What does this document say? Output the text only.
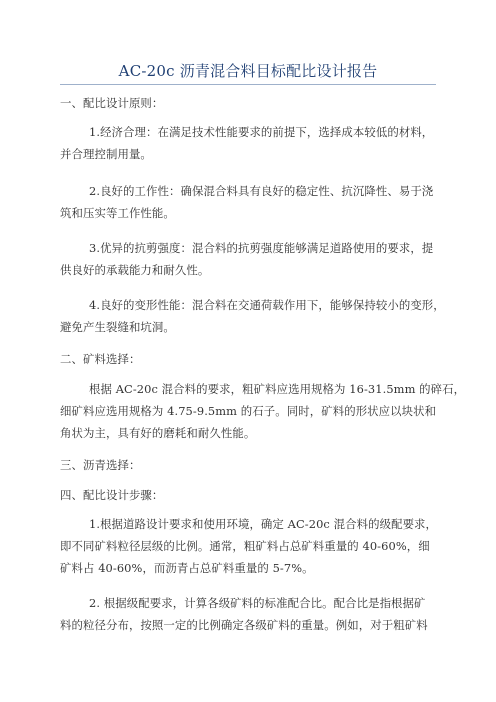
AC-20c 沥青混合料目标配比设计报告
一、配比设计原则：
1.经济合理：在满足技术性能要求的前提下，选择成本较低的材料，
并合理控制用量。
2.良好的工作性：确保混合料具有良好的稳定性、抗沉降性、易于浇
筑和压实等工作性能。
3.优异的抗剪强度：混合料的抗剪强度能够满足道路使用的要求，提
供良好的承载能力和耐久性。
4.良好的变形性能：混合料在交通荷载作用下，能够保持较小的变形，
避免产生裂缝和坑洞。
二、矿料选择：
根据 AC-20c 混合料的要求，粗矿料应选用规格为 16-31.5mm 的碎石，
细矿料应选用规格为 4.75-9.5mm 的石子。同时，矿料的形状应以块状和
角状为主，具有好的磨耗和耐久性能。
三、沥青选择：
四、配比设计步骤：
1.根据道路设计要求和使用环境，确定 AC-20c 混合料的级配要求，
即不同矿料粒径层级的比例。通常，粗矿料占总矿料重量的 40-60%，细
矿料占 40-60%，而沥青占总矿料重量的 5-7%。
2. 根据级配要求，计算各级矿料的标准配合比。配合比是指根据矿
料的粒径分布，按照一定的比例确定各级矿料的重量。例如，对于粗矿料
